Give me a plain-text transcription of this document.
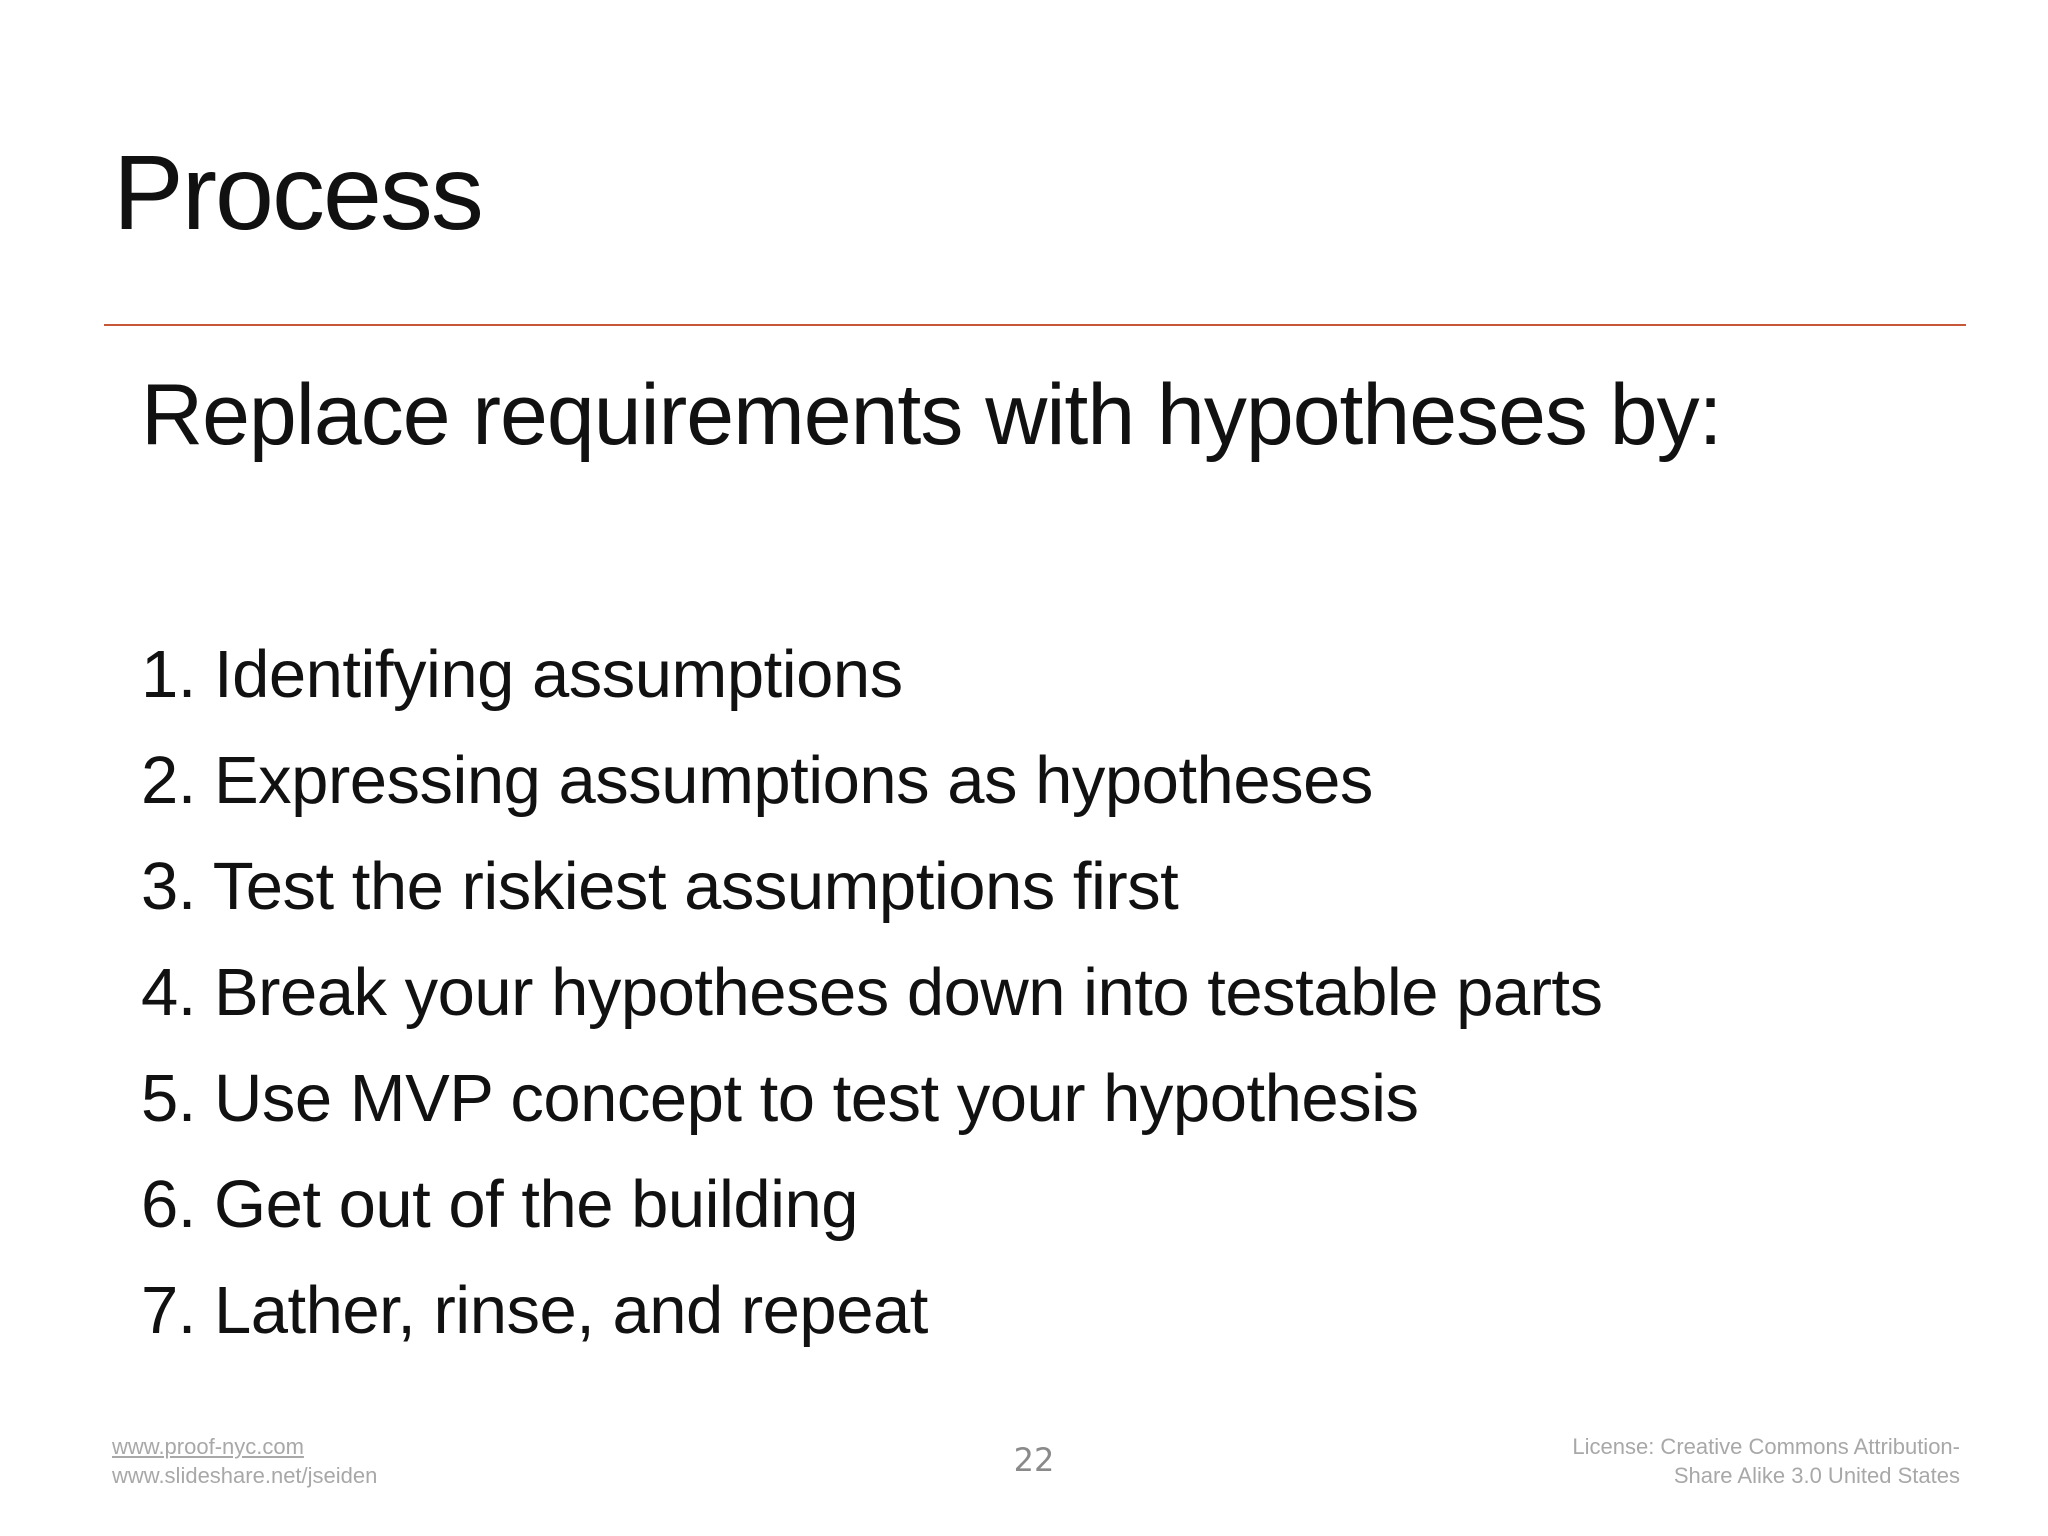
Process
Replace requirements with hypotheses by:
1. Identifying assumptions
2. Expressing assumptions as hypotheses
3. Test the riskiest assumptions first
4. Break your hypotheses down into testable parts
5. Use MVP concept to test your hypothesis
6. Get out of the building
7. Lather, rinse, and repeat
www.proof-nyc.com
www.slideshare.net/jseiden	22	License: Creative Commons Attribution-
Share Alike 3.0 United States
